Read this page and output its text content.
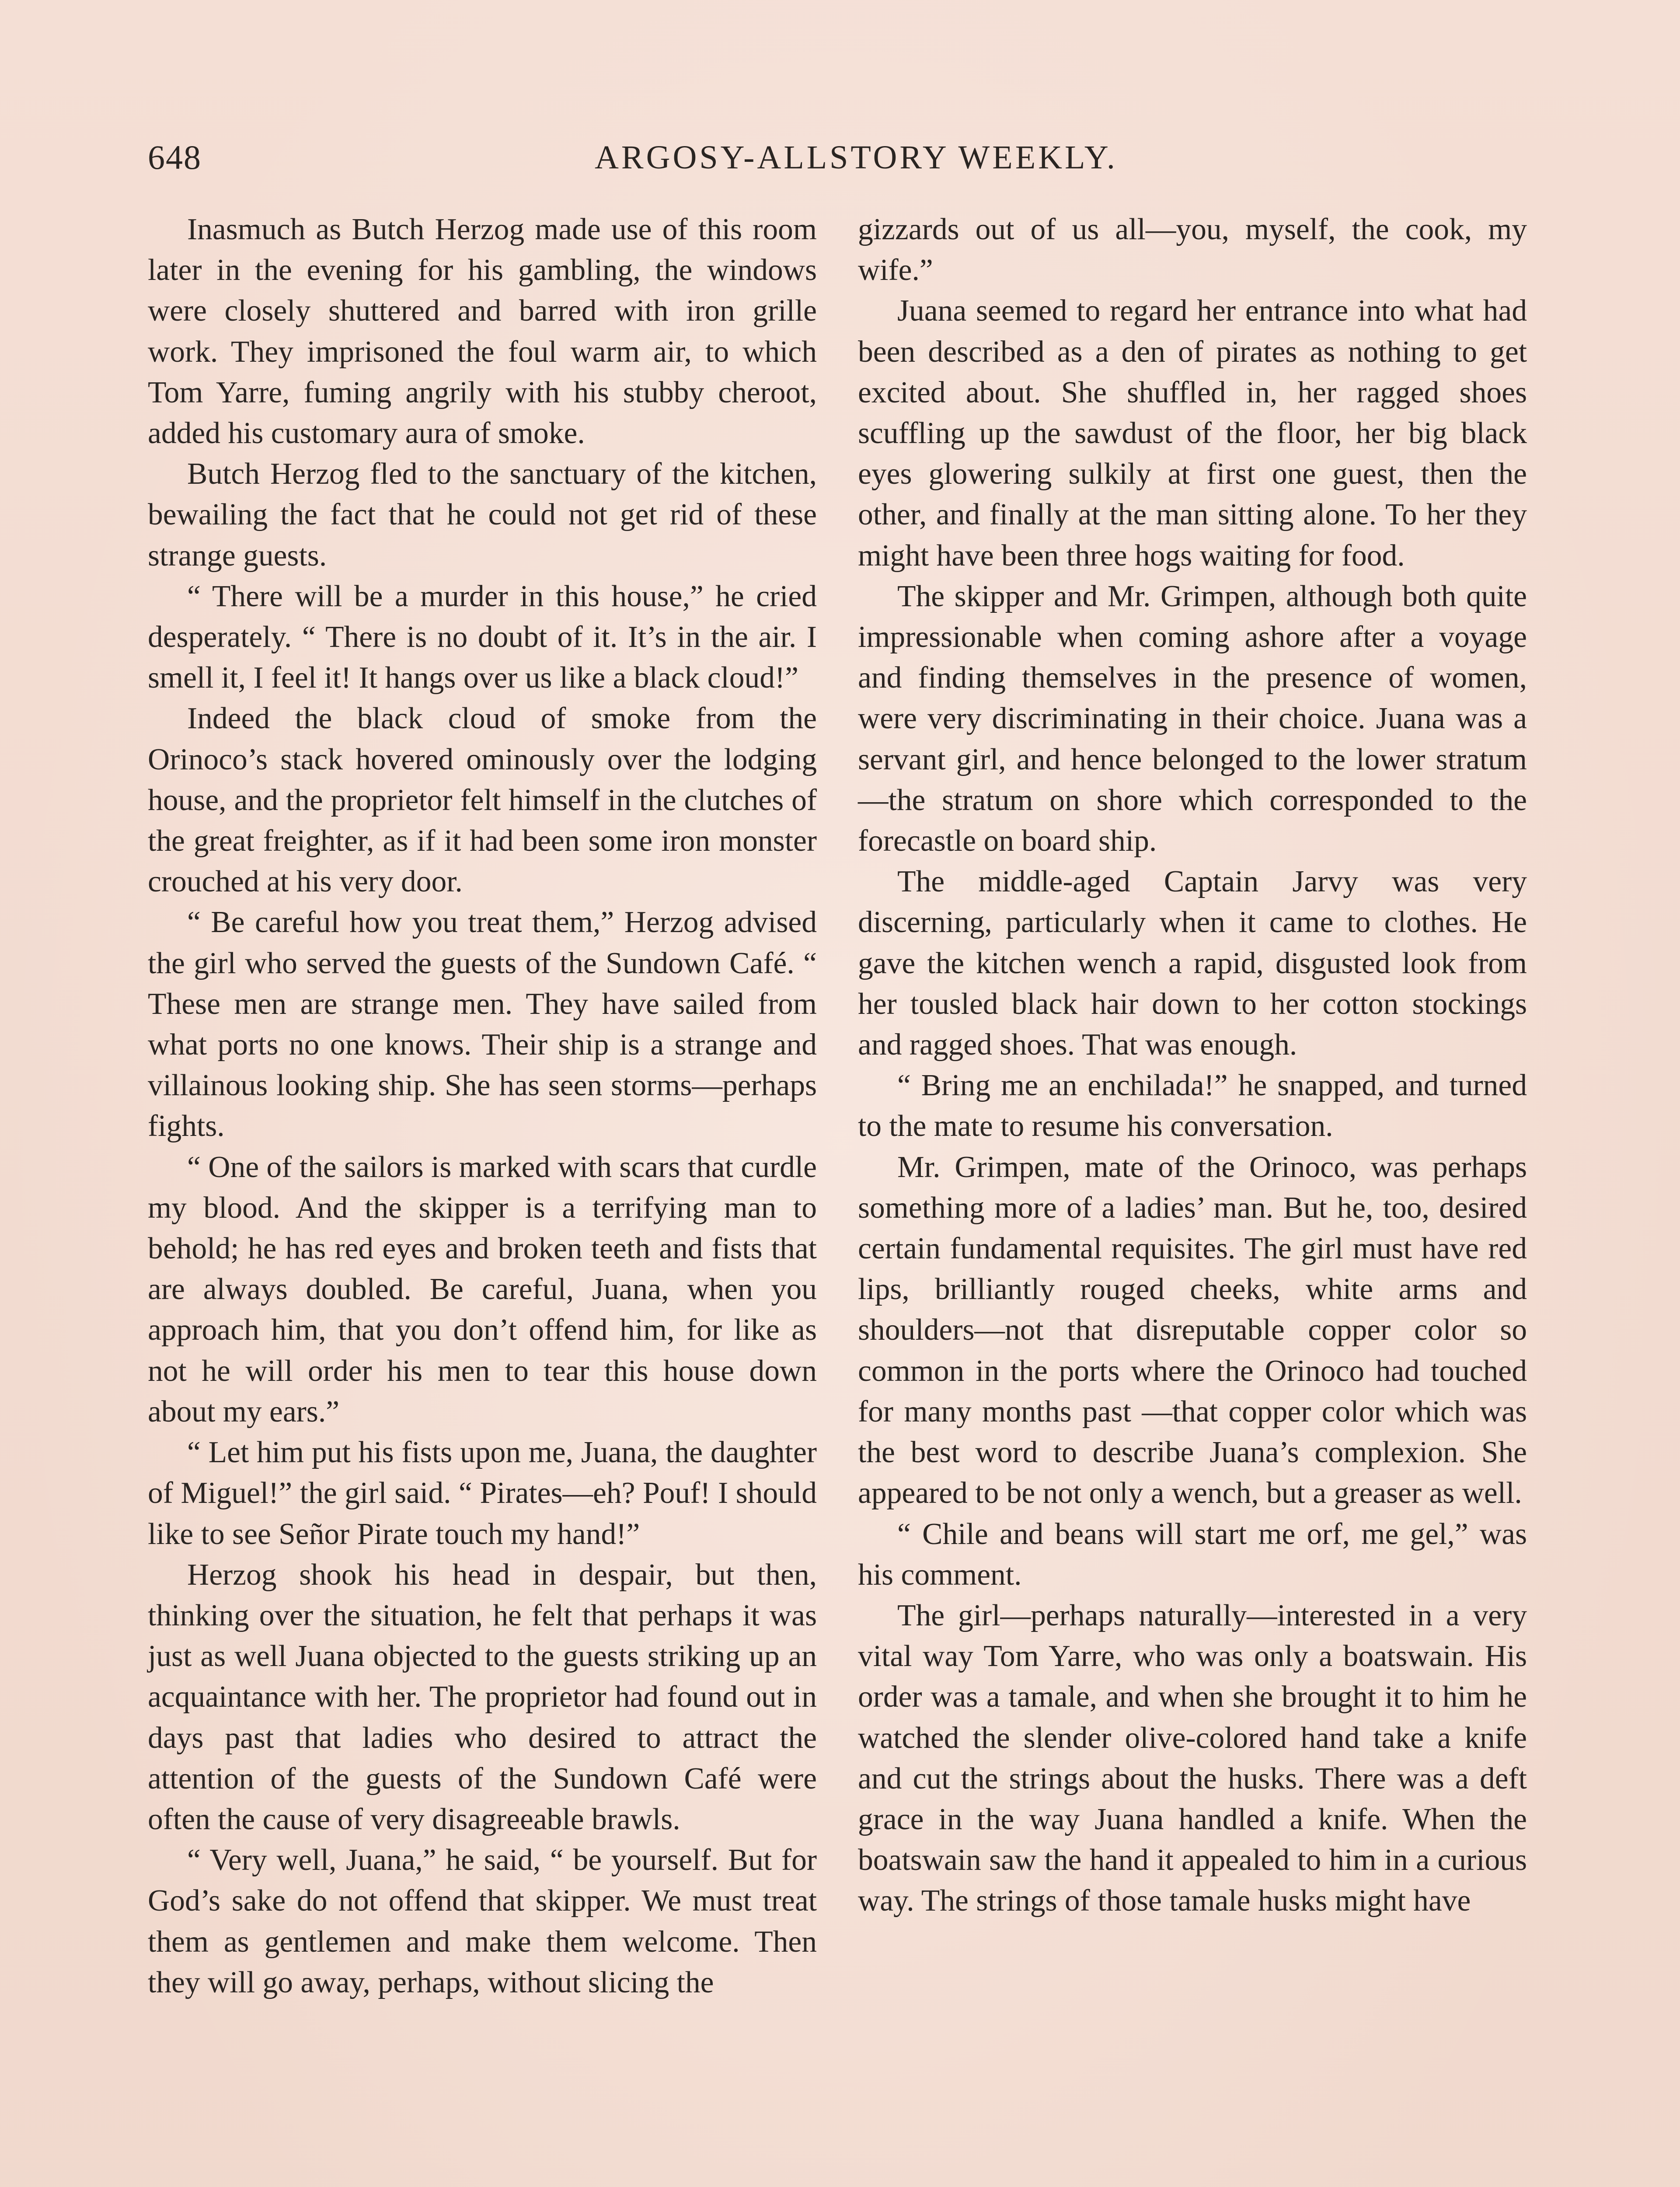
648	ARGOSY-ALLSTORY WEEKLY.

Inasmuch as Butch Herzog made use of this room later in the evening for his gambling, the windows were closely shuttered and barred with iron grille work. They imprisoned the foul warm air, to which Tom Yarre, fuming angrily with his stubby cheroot, added his customary aura of smoke.

Butch Herzog fled to the sanctuary of the kitchen, bewailing the fact that he could not get rid of these strange guests.

“ There will be a murder in this house,” he cried desperately. “ There is no doubt of it. It’s in the air. I smell it, I feel it! It hangs over us like a black cloud!”

Indeed the black cloud of smoke from the Orinoco’s stack hovered ominously over the lodging house, and the proprietor felt himself in the clutches of the great freighter, as if it had been some iron monster crouched at his very door.

“ Be careful how you treat them,” Herzog advised the girl who served the guests of the Sundown Café. “ These men are strange men. They have sailed from what ports no one knows. Their ship is a strange and villainous looking ship. She has seen storms—perhaps fights.

“ One of the sailors is marked with scars that curdle my blood. And the skipper is a terrifying man to behold; he has red eyes and broken teeth and fists that are always doubled. Be careful, Juana, when you approach him, that you don’t offend him, for like as not he will order his men to tear this house down about my ears.”

“ Let him put his fists upon me, Juana, the daughter of Miguel!” the girl said. “ Pirates—eh? Pouf! I should like to see Señor Pirate touch my hand!”

Herzog shook his head in despair, but then, thinking over the situation, he felt that perhaps it was just as well Juana objected to the guests striking up an acquaintance with her. The proprietor had found out in days past that ladies who desired to attract the attention of the guests of the Sundown Café were often the cause of very disagreeable brawls.

“ Very well, Juana,” he said, “ be yourself. But for God’s sake do not offend that skipper. We must treat them as gentlemen and make them welcome. Then they will go away, perhaps, without slicing the

gizzards out of us all—you, myself, the cook, my wife.”

Juana seemed to regard her entrance into what had been described as a den of pirates as nothing to get excited about. She shuffled in, her ragged shoes scuffling up the sawdust of the floor, her big black eyes glowering sulkily at first one guest, then the other, and finally at the man sitting alone. To her they might have been three hogs waiting for food.

The skipper and Mr. Grimpen, although both quite impressionable when coming ashore after a voyage and finding themselves in the presence of women, were very discriminating in their choice. Juana was a servant girl, and hence belonged to the lower stratum—the stratum on shore which corresponded to the forecastle on board ship.

The middle-aged Captain Jarvy was very discerning, particularly when it came to clothes. He gave the kitchen wench a rapid, disgusted look from her tousled black hair down to her cotton stockings and ragged shoes. That was enough.

“ Bring me an enchilada!” he snapped, and turned to the mate to resume his conversation.

Mr. Grimpen, mate of the Orinoco, was perhaps something more of a ladies’ man. But he, too, desired certain fundamental requisites. The girl must have red lips, brilliantly rouged cheeks, white arms and shoulders—not that disreputable copper color so common in the ports where the Orinoco had touched for many months past —that copper color which was the best word to describe Juana’s complexion. She appeared to be not only a wench, but a greaser as well.

“ Chile and beans will start me orf, me gel,” was his comment.

The girl—perhaps naturally—interested in a very vital way Tom Yarre, who was only a boatswain. His order was a tamale, and when she brought it to him he watched the slender olive-colored hand take a knife and cut the strings about the husks. There was a deft grace in the way Juana handled a knife. When the boatswain saw the hand it appealed to him in a curious way. The strings of those tamale husks might have
